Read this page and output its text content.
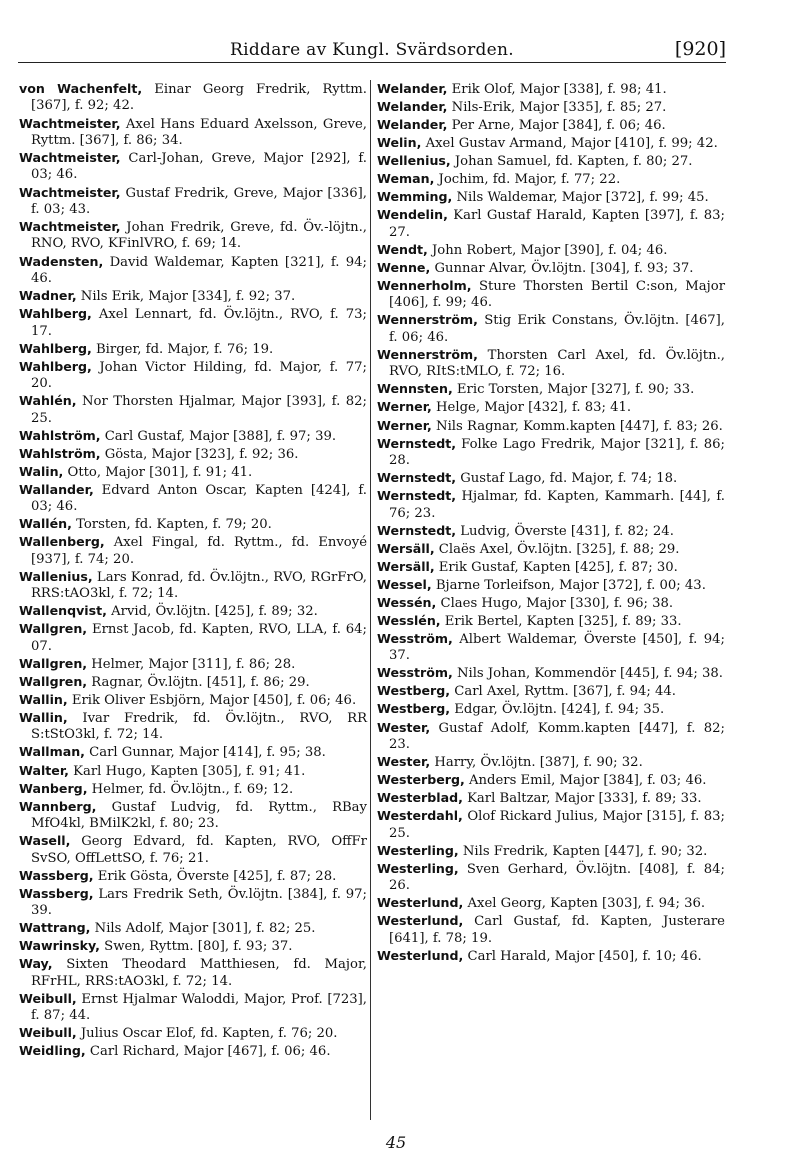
Riddare av Kungl. Svärdsorden.	[920]

von Wachenfelt, Einar Georg Fredrik, Ryttm. [367], f. 92; 42.

Wachtmeister, Axel Hans Eduard Axelsson, Greve, Ryttm. [367], f. 86; 34.

Wachtmeister, Carl-Johan, Greve, Major [292], f. 03; 46.

Wachtmeister, Gustaf Fredrik, Greve, Major [336], f. 03; 43.

Wachtmeister, Johan Fredrik, Greve, fd. Öv.-löjtn., RNO, RVO, KFinlVRO, f. 69; 14.

Wadensten, David Waldemar, Kapten [321], f. 94; 46.

Wadner, Nils Erik, Major [334], f. 92; 37.

Wahlberg, Axel Lennart, fd. Öv.löjtn., RVO, f. 73; 17.

Wahlberg, Birger, fd. Major, f. 76; 19.

Wahlberg, Johan Victor Hilding, fd. Major, f. 77; 20.

Wahlén, Nor Thorsten Hjalmar, Major [393], f. 82; 25.

Wahlström, Carl Gustaf, Major [388], f. 97; 39.

Wahlström, Gösta, Major [323], f. 92; 36.

Walin, Otto, Major [301], f. 91; 41.

Wallander, Edvard Anton Oscar, Kapten [424], f. 03; 46.

Wallén, Torsten, fd. Kapten, f. 79; 20.

Wallenberg, Axel Fingal, fd. Ryttm., fd. Envoyé [937], f. 74; 20.

Wallenius, Lars Konrad, fd. Öv.löjtn., RVO, RGrFrO, RRS:tAO3kl, f. 72; 14.

Wallenqvist, Arvid, Öv.löjtn. [425], f. 89; 32.

Wallgren, Ernst Jacob, fd. Kapten, RVO, LLA, f. 64; 07.

Wallgren, Helmer, Major [311], f. 86; 28.

Wallgren, Ragnar, Öv.löjtn. [451], f. 86; 29.

Wallin, Erik Oliver Esbjörn, Major [450], f. 06; 46.

Wallin, Ivar Fredrik, fd. Öv.löjtn., RVO, RR S:tStO3kl, f. 72; 14.

Wallman, Carl Gunnar, Major [414], f. 95; 38.

Walter, Karl Hugo, Kapten [305], f. 91; 41.

Wanberg, Helmer, fd. Öv.löjtn., f. 69; 12.

Wannberg, Gustaf Ludvig, fd. Ryttm., RBay MfO4kl, BMilK2kl, f. 80; 23.

Wasell, Georg Edvard, fd. Kapten, RVO, OffFr SvSO, OffLettSO, f. 76; 21.

Wassberg, Erik Gösta, Överste [425], f. 87; 28.

Wassberg, Lars Fredrik Seth, Öv.löjtn. [384], f. 97; 39.

Wattrang, Nils Adolf, Major [301], f. 82; 25.

Wawrinsky, Swen, Ryttm. [80], f. 93; 37.

Way, Sixten Theodard Matthiesen, fd. Major, RFrHL, RRS:tAO3kl, f. 72; 14.

Weibull, Ernst Hjalmar Waloddi, Major, Prof. [723], f. 87; 44.

Weibull, Julius Oscar Elof, fd. Kapten, f. 76; 20.

Weidling, Carl Richard, Major [467], f. 06; 46.

Welander, Erik Olof, Major [338], f. 98; 41.

Welander, Nils-Erik, Major [335], f. 85; 27.

Welander, Per Arne, Major [384], f. 06; 46.

Welin, Axel Gustav Armand, Major [410], f. 99; 42.

Wellenius, Johan Samuel, fd. Kapten, f. 80; 27.

Weman, Jochim, fd. Major, f. 77; 22.

Wemming, Nils Waldemar, Major [372], f. 99; 45.

Wendelin, Karl Gustaf Harald, Kapten [397], f. 83; 27.

Wendt, John Robert, Major [390], f. 04; 46.

Wenne, Gunnar Alvar, Öv.löjtn. [304], f. 93; 37.

Wennerholm, Sture Thorsten Bertil C:son, Major [406], f. 99; 46.

Wennerström, Stig Erik Constans, Öv.löjtn. [467], f. 06; 46.

Wennerström, Thorsten Carl Axel, fd. Öv.löjtn., RVO, RItS:tMLO, f. 72; 16.

Wennsten, Eric Torsten, Major [327], f. 90; 33.

Werner, Helge, Major [432], f. 83; 41.

Werner, Nils Ragnar, Komm.kapten [447], f. 83; 26.

Wernstedt, Folke Lago Fredrik, Major [321], f. 86; 28.

Wernstedt, Gustaf Lago, fd. Major, f. 74; 18.

Wernstedt, Hjalmar, fd. Kapten, Kammarh. [44], f. 76; 23.

Wernstedt, Ludvig, Överste [431], f. 82; 24.

Wersäll, Claës Axel, Öv.löjtn. [325], f. 88; 29.

Wersäll, Erik Gustaf, Kapten [425], f. 87; 30.

Wessel, Bjarne Torleifson, Major [372], f. 00; 43.

Wessén, Claes Hugo, Major [330], f. 96; 38.

Wesslén, Erik Bertel, Kapten [325], f. 89; 33.

Wesström, Albert Waldemar, Överste [450], f. 94; 37.

Wesström, Nils Johan, Kommendör [445], f. 94; 38.

Westberg, Carl Axel, Ryttm. [367], f. 94; 44.

Westberg, Edgar, Öv.löjtn. [424], f. 94; 35.

Wester, Gustaf Adolf, Komm.kapten [447], f. 82; 23.

Wester, Harry, Öv.löjtn. [387], f. 90; 32.

Westerberg, Anders Emil, Major [384], f. 03; 46.

Westerblad, Karl Baltzar, Major [333], f. 89; 33.

Westerdahl, Olof Rickard Julius, Major [315], f. 83; 25.

Westerling, Nils Fredrik, Kapten [447], f. 90; 32.

Westerling, Sven Gerhard, Öv.löjtn. [408], f. 84; 26.

Westerlund, Axel Georg, Kapten [303], f. 94; 36.

Westerlund, Carl Gustaf, fd. Kapten, Justerare [641], f. 78; 19.

Westerlund, Carl Harald, Major [450], f. 10; 46.

45
